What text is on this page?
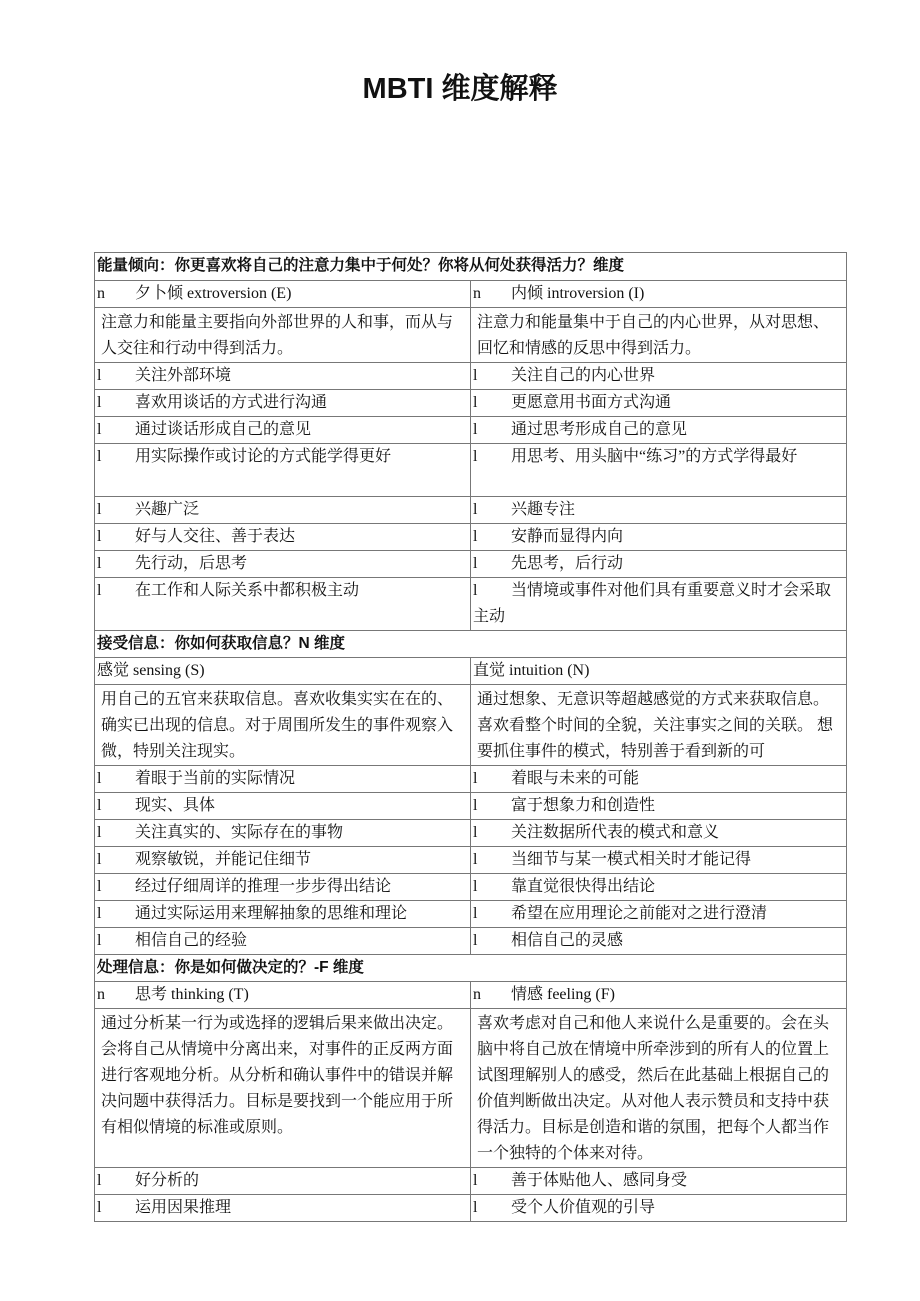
MBTI 维度解释
能量倾向：你更喜欢将自己的注意力集中于何处？你将从何处获得活力？维度	
n 夕卜倾 extroversion (E)	n 内倾 introversion (I)
注意力和能量主要指向外部世界的人和事，而从与人交往和行动中得到活力。	注意力和能量集中于自己的内心世界，从对思想、 回忆和情感的反思中得到活力。
l 关注外部环境	l 关注自己的内心世界
l 喜欢用谈话的方式进行沟通	l 更愿意用书面方式沟通
l 通过谈话形成自己的意见	l 通过思考形成自己的意见
l 用实际操作或讨论的方式能学得更好	l 用思考、用头脑中“练习”的方式学得最好
l 兴趣广泛	l 兴趣专注
l 好与人交往、善于表达	l 安静而显得内向
l 先行动，后思考	l 先思考，后行动
l 在工作和人际关系中都积极主动	l 当情境或事件对他们具有重要意义时才会采取主动
接受信息：你如何获取信息？N 维度	
感觉 sensing (S)	直觉 intuition (N)
用自己的五官来获取信息。喜欢收集实实在在的、确实已出现的信息。对于周围所发生的事件观察入微，特别关注现实。	通过想象、无意识等超越感觉的方式来获取信息。 喜欢看整个时间的全貌，关注事实之间的关联。 想要抓住事件的模式，特别善于看到新的可
l 着眼于当前的实际情况	l 着眼与未来的可能
l 现实、具体	l 富于想象力和创造性
l 关注真实的、实际存在的事物	l 关注数据所代表的模式和意义
l 观察敏锐，并能记住细节	l 当细节与某一模式相关时才能记得
l 经过仔细周详的推理一步步得出结论	l 靠直觉很快得出结论
l 通过实际运用来理解抽象的思维和理论	l 希望在应用理论之前能对之进行澄清
l 相信自己的经验	l 相信自己的灵感
处理信息：你是如何做决定的？-F 维度	
n 思考 thinking (T)	n 情感 feeling (F)
通过分析某一行为或选择的逻辑后果来做出决定。会将自己从情境中分离出来，对事件的正反两方面进行客观地分析。从分析和确认事件中的错误并解决问题中获得活力。目标是要找到一个能应用于所有相似情境的标准或原则。	喜欢考虑对自己和他人来说什么是重要的。会在头脑中将自己放在情境中所牵涉到的所有人的位置上试图理解别人的感受，然后在此基础上根据自己的价值判断做出决定。从对他人表示赞员和支持中获得活力。目标是创造和谐的氛围，把每个人都当作一个独特的个体来对待。
l 好分析的	l 善于体贴他人、感同身受
l 运用因果推理	l 受个人价值观的引导
